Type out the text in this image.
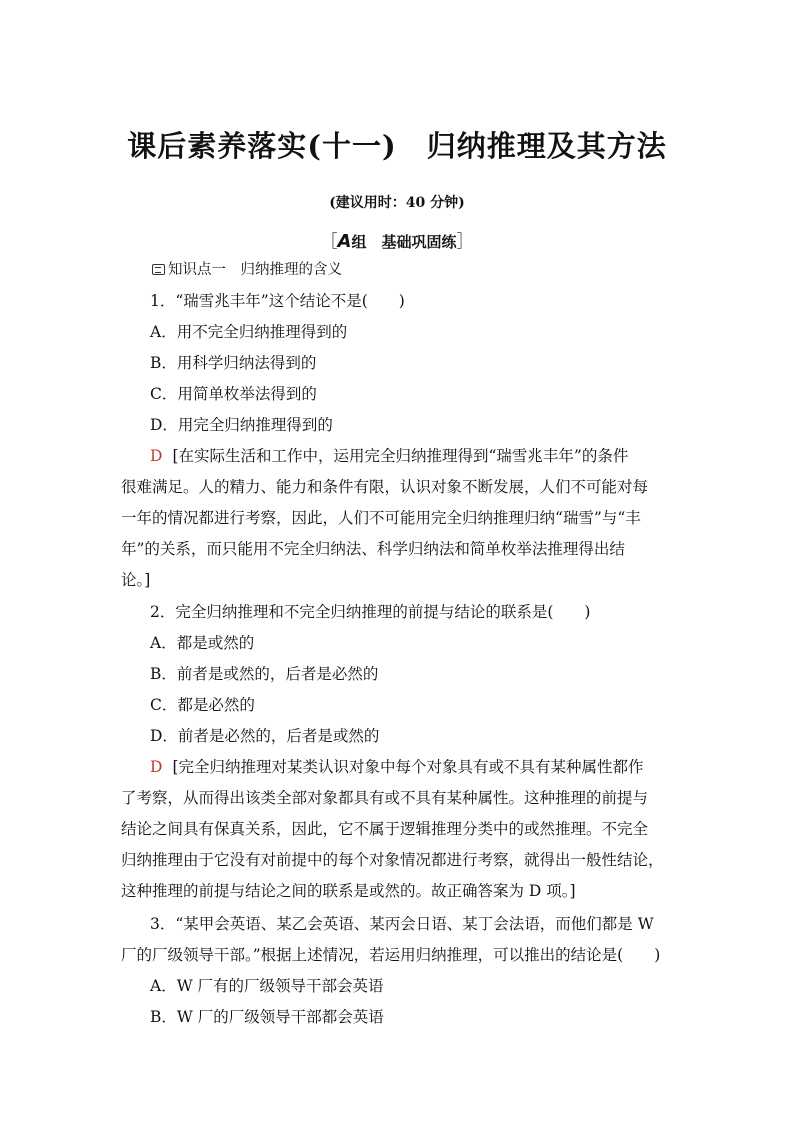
课后素养落实(十一) 归纳推理及其方法
(建议用时：40 分钟)
［A组　基础巩固练］
知识点一　归纳推理的含义
1．“瑞雪兆丰年”这个结论不是(　　)
A．用不完全归纳推理得到的
B．用科学归纳法得到的
C．用简单枚举法得到的
D．用完全归纳推理得到的
D [在实际生活和工作中，运用完全归纳推理得到“瑞雪兆丰年”的条件
很难满足。人的精力、能力和条件有限，认识对象不断发展，人们不可能对每
一年的情况都进行考察，因此，人们不可能用完全归纳推理归纳“瑞雪”与“丰
年”的关系，而只能用不完全归纳法、科学归纳法和简单枚举法推理得出结
论。]
2．完全归纳推理和不完全归纳推理的前提与结论的联系是(　　)
A．都是或然的
B．前者是或然的，后者是必然的
C．都是必然的
D．前者是必然的，后者是或然的
D [完全归纳推理对某类认识对象中每个对象具有或不具有某种属性都作
了考察，从而得出该类全部对象都具有或不具有某种属性。这种推理的前提与
结论之间具有保真关系，因此，它不属于逻辑推理分类中的或然推理。不完全
归纳推理由于它没有对前提中的每个对象情况都进行考察，就得出一般性结论，
这种推理的前提与结论之间的联系是或然的。故正确答案为 D 项。]
3．“某甲会英语、某乙会英语、某丙会日语、某丁会法语，而他们都是 W
厂的厂级领导干部。”根据上述情况，若运用归纳推理，可以推出的结论是(　　)
A．W 厂有的厂级领导干部会英语
B．W 厂的厂级领导干部都会英语
